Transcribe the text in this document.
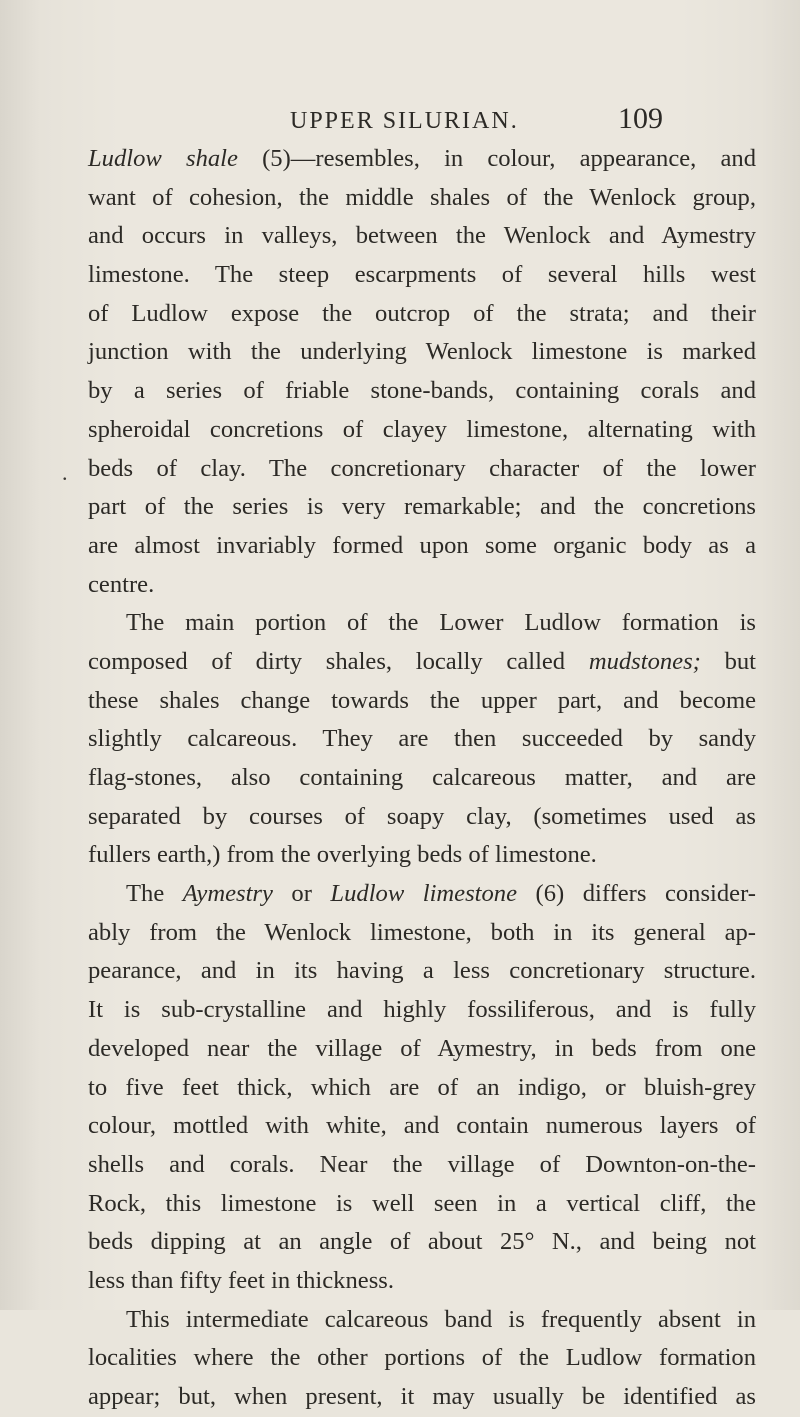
UPPER SILURIAN.	109
.
Ludlow shale (5)—resembles, in colour, appearance, and
want of cohesion, the middle shales of the Wenlock group,
and occurs in valleys, between the Wenlock and Aymestry
limestone. The steep escarpments of several hills west
of Ludlow expose the outcrop of the strata; and their
junction with the underlying Wenlock limestone is marked
by a series of friable stone-bands, containing corals and
spheroidal concretions of clayey limestone, alternating with
beds of clay. The concretionary character of the lower
part of the series is very remarkable; and the concretions
are almost invariably formed upon some organic body as a
centre.
The main portion of the Lower Ludlow formation is
composed of dirty shales, locally called mudstones; but
these shales change towards the upper part, and become
slightly calcareous. They are then succeeded by sandy
flag-stones, also containing calcareous matter, and are
separated by courses of soapy clay, (sometimes used as
fullers earth,) from the overlying beds of limestone.
The Aymestry or Ludlow limestone (6) differs consider-
ably from the Wenlock limestone, both in its general ap-
pearance, and in its having a less concretionary structure.
It is sub-crystalline and highly fossiliferous, and is fully
developed near the village of Aymestry, in beds from one
to five feet thick, which are of an indigo, or bluish-grey
colour, mottled with white, and contain numerous layers of
shells and corals. Near the village of Downton-on-the-
Rock, this limestone is well seen in a vertical cliff, the
beds dipping at an angle of about 25° N., and being not
less than fifty feet in thickness.
This intermediate calcareous band is frequently absent in
localities where the other portions of the Ludlow formation
appear; but, when present, it may usually be identified as
